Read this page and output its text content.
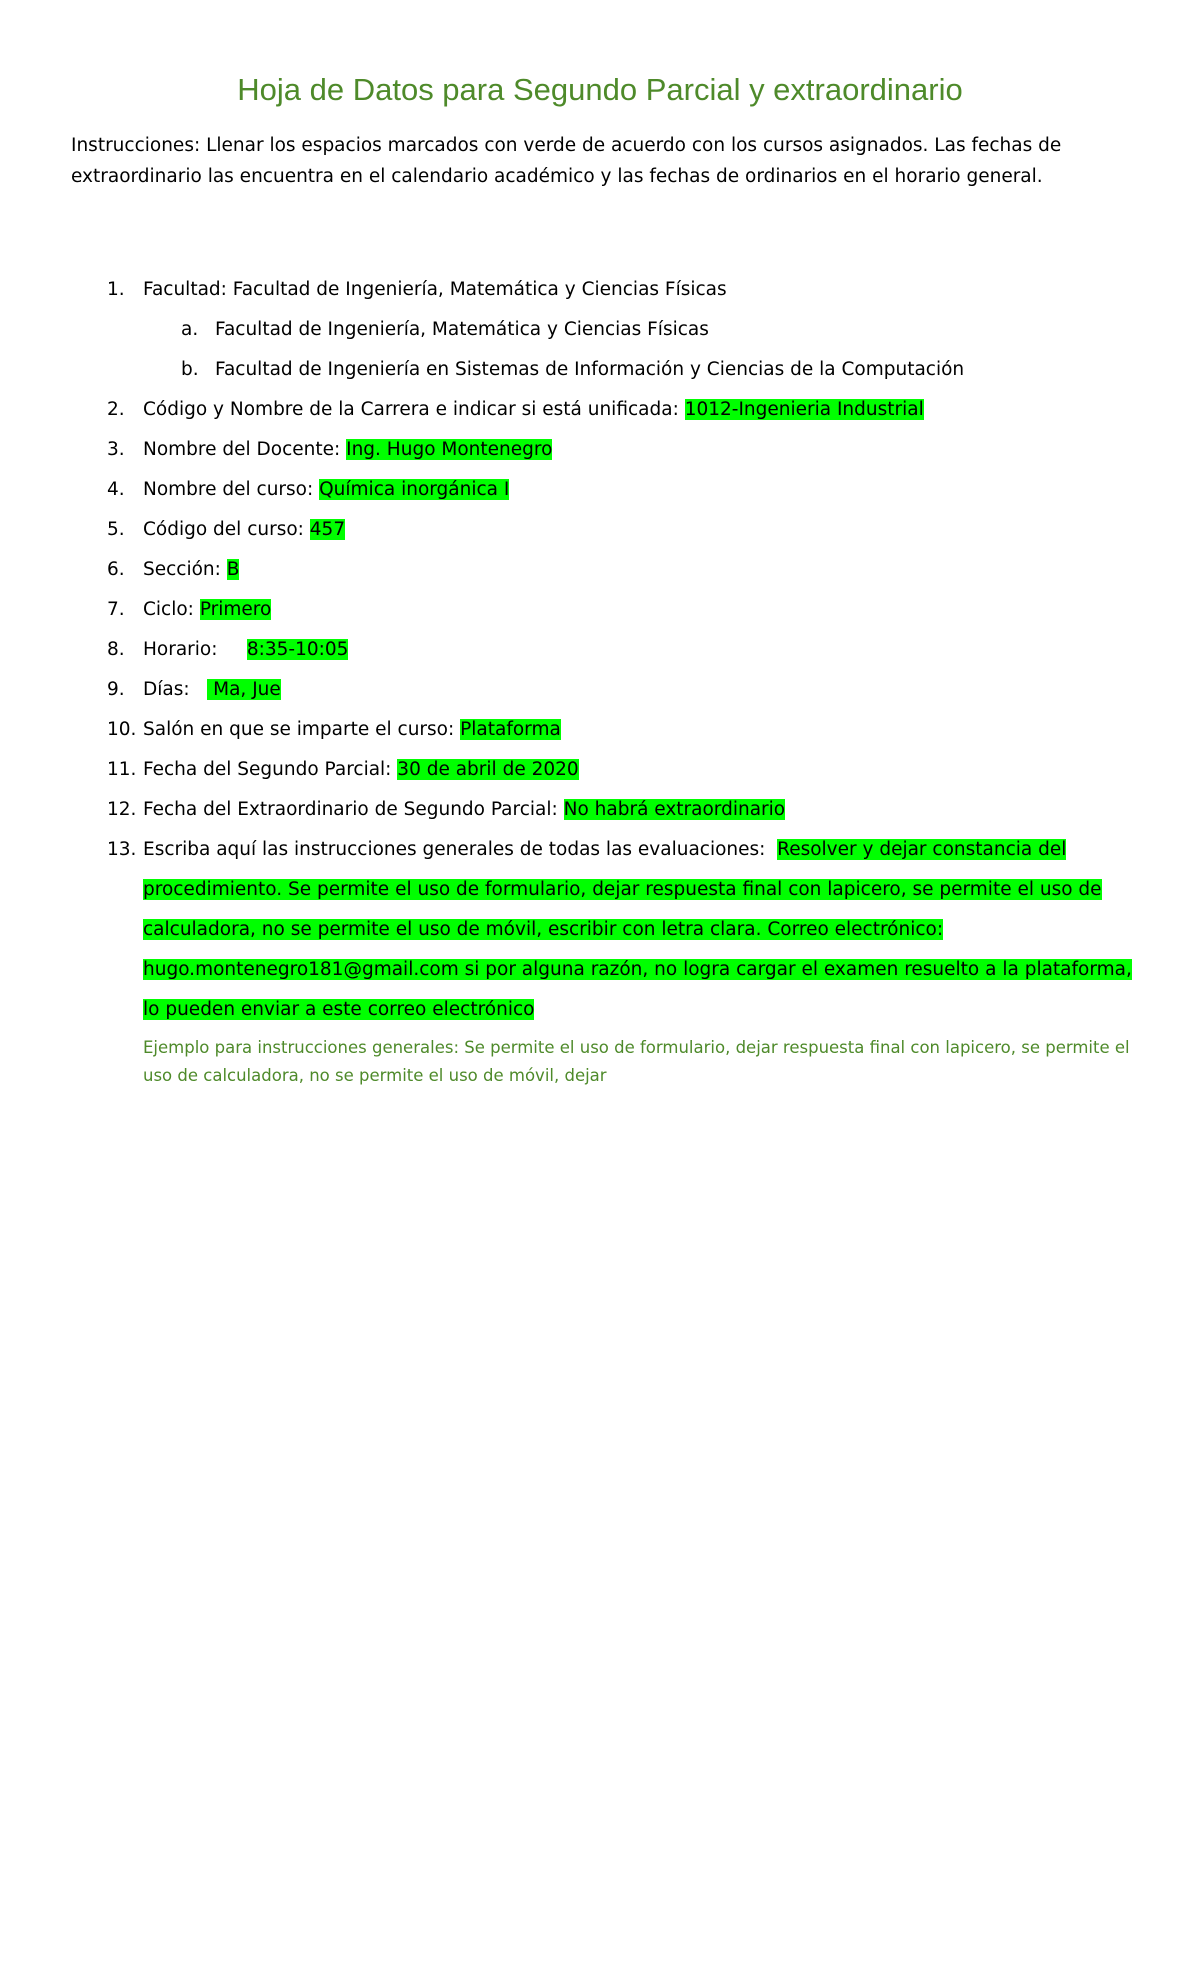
Hoja de Datos para Segundo Parcial y extraordinario
Instrucciones: Llenar los espacios marcados con verde de acuerdo con los cursos asignados. Las fechas de extraordinario las encuentra en el calendario académico y las fechas de ordinarios en el horario general.
1. Facultad: Facultad de Ingeniería, Matemática y Ciencias Físicas
a. Facultad de Ingeniería, Matemática y Ciencias Físicas
b. Facultad de Ingeniería en Sistemas de Información y Ciencias de la Computación
2. Código y Nombre de la Carrera e indicar si está unificada: 1012-Ingenieria Industrial
3. Nombre del Docente: Ing. Hugo Montenegro
4. Nombre del curso: Química inorgánica I
5. Código del curso: 457
6. Sección: B
7. Ciclo: Primero
8. Horario:     8:35-10:05
9. Días:    Ma, Jue
10. Salón en que se imparte el curso: Plataforma
11. Fecha del Segundo Parcial: 30 de abril de 2020
12. Fecha del Extraordinario de Segundo Parcial: No habrá extraordinario
13. Escriba aquí las instrucciones generales de todas las evaluaciones:  Resolver y dejar constancia del procedimiento. Se permite el uso de formulario, dejar respuesta final con lapicero, se permite el uso de calculadora, no se permite el uso de móvil, escribir con letra clara. Correo electrónico: hugo.montenegro181@gmail.com si por alguna razón, no logra cargar el examen resuelto a la plataforma, lo pueden enviar a este correo electrónico
Ejemplo para instrucciones generales: Se permite el uso de formulario, dejar respuesta final con lapicero, se permite el uso de calculadora, no se permite el uso de móvil, dejar
